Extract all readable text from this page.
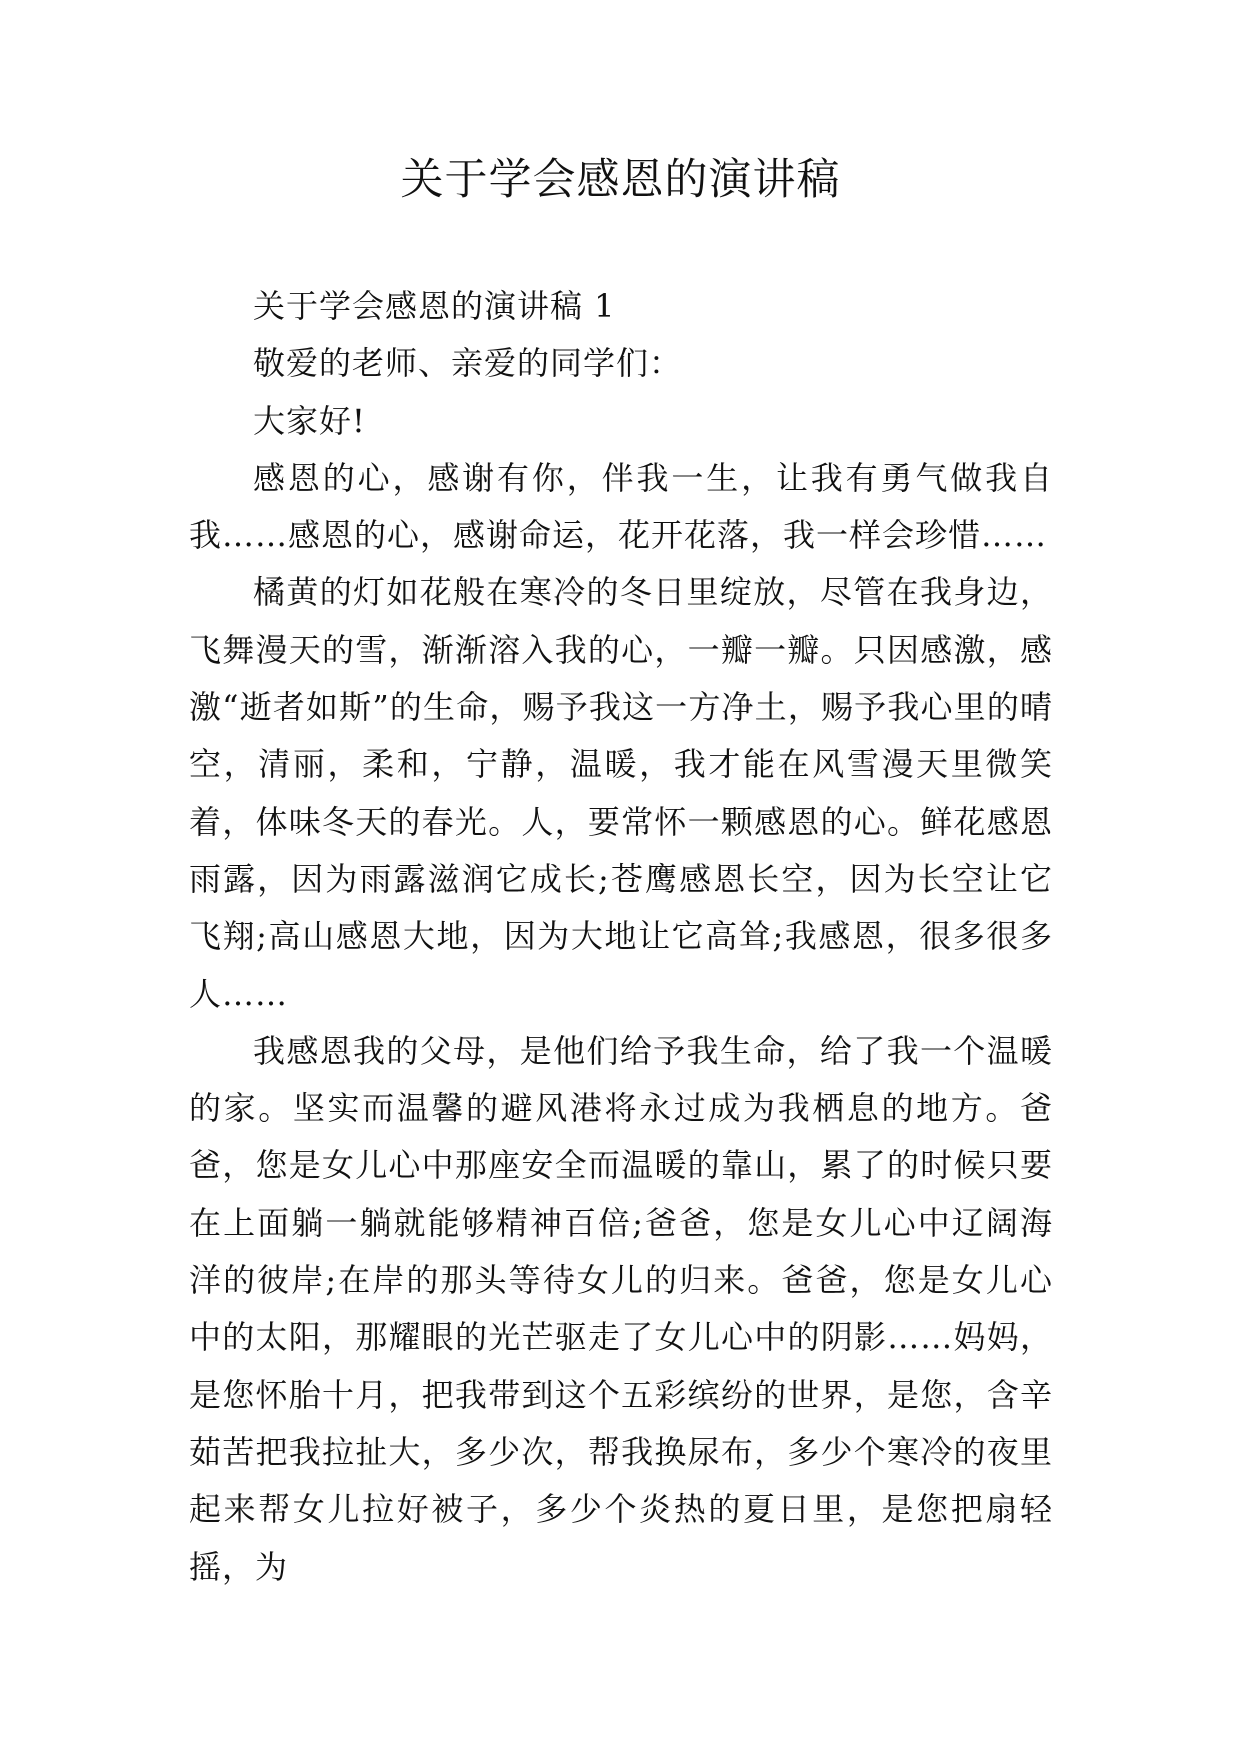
关于学会感恩的演讲稿

关于学会感恩的演讲稿 1

敬爱的老师、亲爱的同学们：

大家好!

感恩的心，感谢有你，伴我一生，让我有勇气做我自我……感恩的心，感谢命运，花开花落，我一样会珍惜……

橘黄的灯如花般在寒冷的冬日里绽放，尽管在我身边，飞舞漫天的雪，渐渐溶入我的心，一瓣一瓣。只因感激，感激“逝者如斯”的生命，赐予我这一方净土，赐予我心里的晴空，清丽，柔和，宁静，温暖，我才能在风雪漫天里微笑着，体味冬天的春光。人，要常怀一颗感恩的心。鲜花感恩雨露，因为雨露滋润它成长;苍鹰感恩长空，因为长空让它飞翔;高山感恩大地，因为大地让它高耸;我感恩，很多很多人……

我感恩我的父母，是他们给予我生命，给了我一个温暖的家。坚实而温馨的避风港将永过成为我栖息的地方。爸爸，您是女儿心中那座安全而温暖的靠山，累了的时候只要在上面躺一躺就能够精神百倍;爸爸，您是女儿心中辽阔海洋的彼岸;在岸的那头等待女儿的归来。爸爸，您是女儿心中的太阳，那耀眼的光芒驱走了女儿心中的阴影……妈妈，是您怀胎十月，把我带到这个五彩缤纷的世界，是您，含辛茹苦把我拉扯大，多少次，帮我换尿布，多少个寒冷的夜里起来帮女儿拉好被子，多少个炎热的夏日里，是您把扇轻摇，为
